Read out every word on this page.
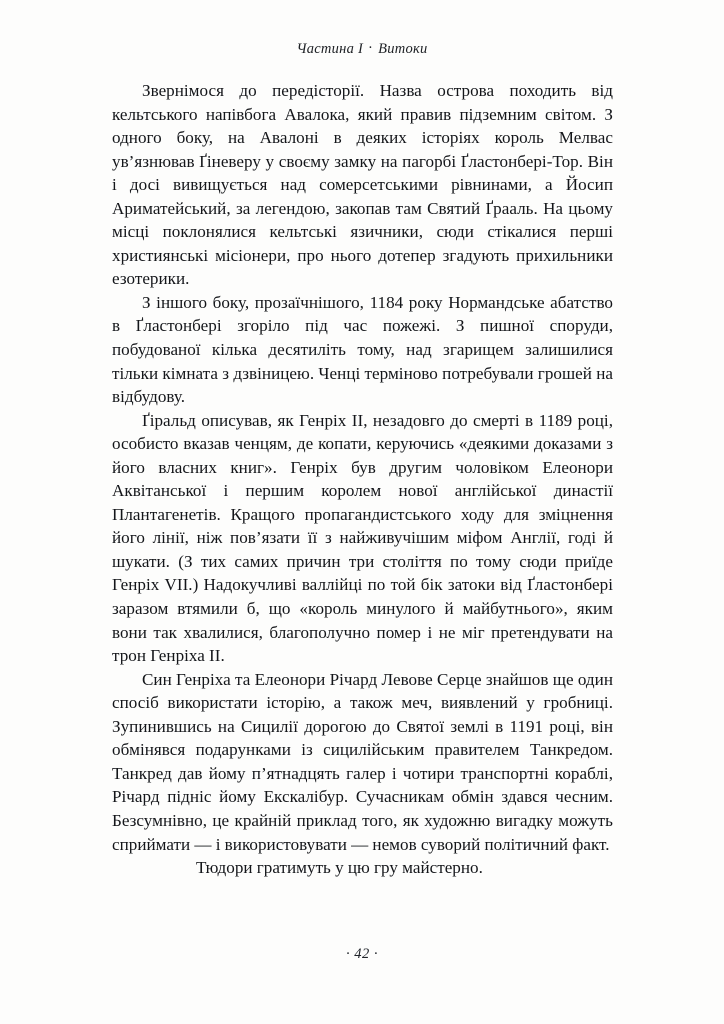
Частина I · Витоки

Звернімося до передісторії. Назва острова походить від кельтського напівбога Авалока, який правив підземним світом. З одного боку, на Авалоні в деяких історіях король Мелвас ув’язнював Ґіневеру у своєму замку на пагорбі Ґластонбері-Тор. Він і досі вивищується над сомерсетськими рівнинами, а Йосип Ариматейський, за легендою, закопав там Святий Ґрааль. На цьому місці поклонялися кельтські язичники, сюди стікалися перші християнські місіонери, про нього дотепер згадують прихильники езотерики.

З іншого боку, прозаїчнішого, 1184 року Нормандське абатство в Ґластонбері згоріло під час пожежі. З пишної споруди, побудованої кілька десятиліть тому, над згарищем залишилися тільки кімната з дзвіницею. Ченці терміново потребували грошей на відбудову.

Ґіральд описував, як Генріх II, незадовго до смерті в 1189 році, особисто вказав ченцям, де копати, керуючись «деякими доказами з його власних книг». Генріх був другим чоловіком Елеонори Аквітанської і першим королем нової англійської династії Плантагенетів. Кращого пропагандистського ходу для зміцнення його лінії, ніж пов’язати її з найживучішим міфом Англії, годі й шукати. (З тих самих причин три століття по тому сюди приїде Генріх VII.) Надокучливі валлійці по той бік затоки від Ґластонбері заразом втямили б, що «король минулого й майбутнього», яким вони так хвалилися, благополучно помер і не міг претендувати на трон Генріха II.

Син Генріха та Елеонори Річард Левове Серце знайшов ще один спосіб використати історію, а також меч, виявлений у гробниці. Зупинившись на Сицилії дорогою до Святої землі в 1191 році, він обмінявся подарунками із сицилійським правителем Танкредом. Танкред дав йому п’ятнадцять галер і чотири транспортні кораблі, Річард підніс йому Екскалібур. Сучасникам обмін здався чесним. Безсумнівно, це крайній приклад того, як художню вигадку можуть сприймати — і використовувати — немов суворий політичний факт.

Тюдори гратимуть у цю гру майстерно.

· 42 ·
